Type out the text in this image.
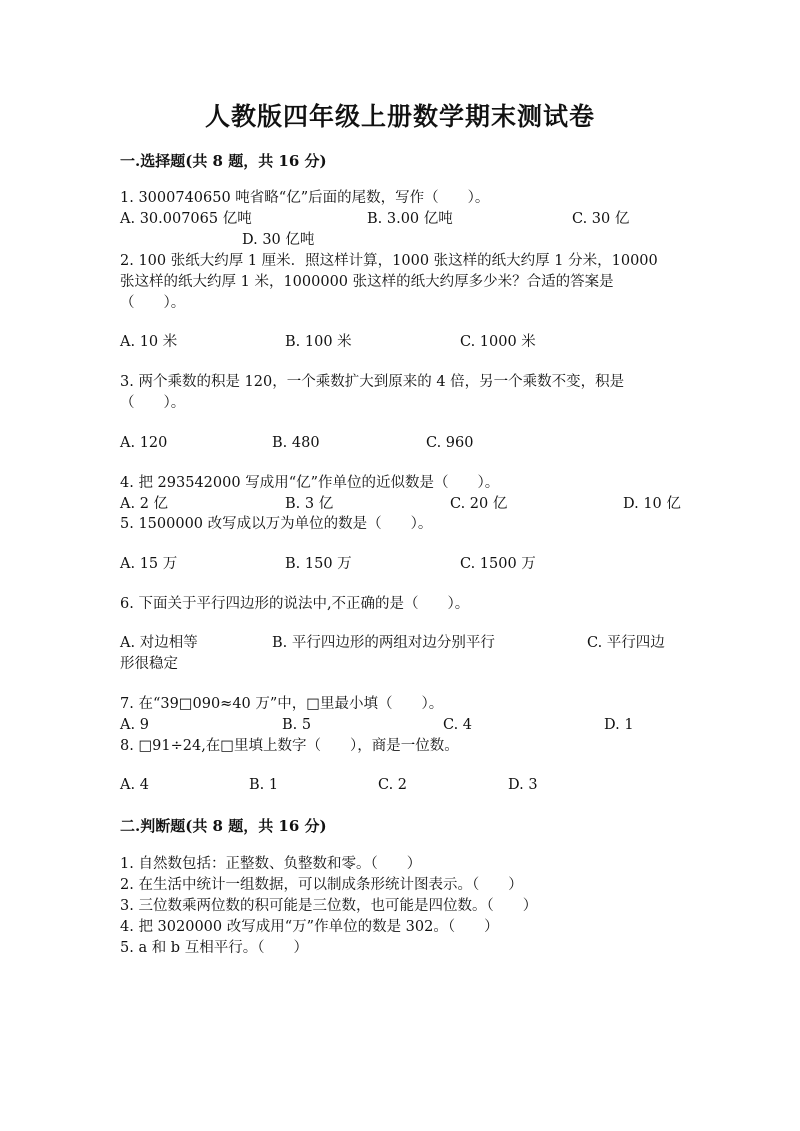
人教版四年级上册数学期末测试卷
一.选择题(共 8 题，共 16 分)
1. 3000740650 吨省略“亿”后面的尾数，写作（　　）。
A. 30.007065 亿吨	B. 3.00 亿吨	C. 30 亿
D. 30 亿吨
2. 100 张纸大约厚 1 厘米．照这样计算，1000 张这样的纸大约厚 1 分米，10000
张这样的纸大约厚 1 米，1000000 张这样的纸大约厚多少米？合适的答案是
（　　）。
A. 10 米	B. 100 米	C. 1000 米
3. 两个乘数的积是 120，一个乘数扩大到原来的 4 倍，另一个乘数不变，积是
（　　）。
A. 120	B. 480	C. 960
4. 把 293542000 写成用“亿”作单位的近似数是（　　）。
A. 2 亿	B. 3 亿	C. 20 亿	D. 10 亿
5. 1500000 改写成以万为单位的数是（　　）。
A. 15 万	B. 150 万	C. 1500 万
6. 下面关于平行四边形的说法中,不正确的是（　　）。
A. 对边相等	B. 平行四边形的两组对边分别平行	C. 平行四边
形很稳定
7. 在“39□090≈40 万”中，□里最小填（　　）。
A. 9	B. 5	C. 4	D. 1
8. □91÷24,在□里填上数字（　　），商是一位数。
A. 4	B. 1	C. 2	D. 3
二.判断题(共 8 题，共 16 分)
1. 自然数包括：正整数、负整数和零。（　　）
2. 在生活中统计一组数据，可以制成条形统计图表示。（　　）
3. 三位数乘两位数的积可能是三位数，也可能是四位数。（　　）
4. 把 3020000 改写成用“万”作单位的数是 302。（　　）
5. a 和 b 互相平行。（　　）
